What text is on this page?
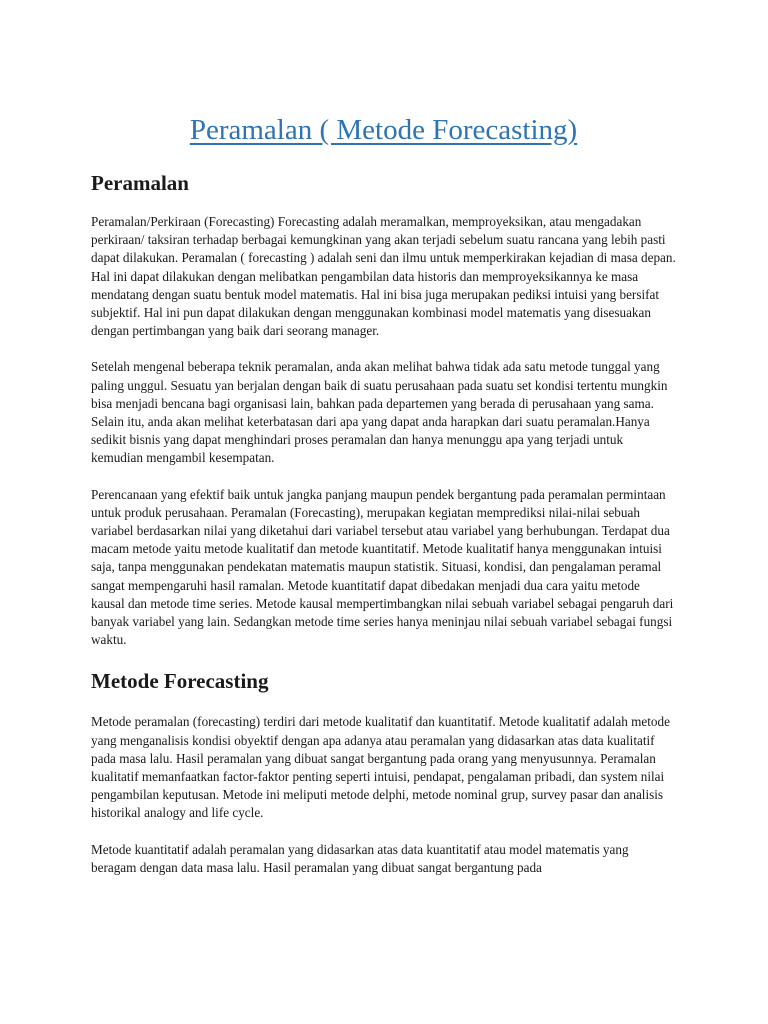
Peramalan ( Metode Forecasting)
Peramalan

Peramalan/Perkiraan (Forecasting) Forecasting adalah meramalkan, memproyeksikan, atau mengadakan perkiraan/ taksiran terhadap berbagai kemungkinan yang akan terjadi sebelum suatu rancana yang lebih pasti dapat dilakukan. Peramalan ( forecasting ) adalah seni dan ilmu untuk memperkirakan kejadian di masa depan. Hal ini dapat dilakukan dengan melibatkan pengambilan data historis dan memproyeksikannya ke masa mendatang dengan suatu bentuk model matematis. Hal ini bisa juga merupakan pediksi intuisi yang bersifat subjektif. Hal ini pun dapat dilakukan dengan menggunakan kombinasi model matematis yang disesuakan dengan pertimbangan yang baik dari seorang manager.

Setelah mengenal beberapa teknik peramalan, anda akan melihat bahwa tidak ada satu metode tunggal yang paling unggul. Sesuatu yan berjalan dengan baik di suatu perusahaan pada suatu set kondisi tertentu mungkin bisa menjadi bencana bagi organisasi lain, bahkan pada departemen yang berada di perusahaan yang sama. Selain itu, anda akan melihat keterbatasan dari apa yang dapat anda harapkan dari suatu peramalan.Hanya sedikit bisnis yang dapat menghindari proses peramalan dan hanya menunggu apa yang terjadi untuk kemudian mengambil kesempatan.

Perencanaan yang efektif baik untuk jangka panjang maupun pendek bergantung pada peramalan permintaan untuk produk perusahaan. Peramalan (Forecasting), merupakan kegiatan memprediksi nilai-nilai sebuah variabel berdasarkan nilai yang diketahui dari variabel tersebut atau variabel yang berhubungan. Terdapat dua macam metode yaitu metode kualitatif dan metode kuantitatif. Metode kualitatif hanya menggunakan intuisi saja, tanpa menggunakan pendekatan matematis maupun statistik. Situasi, kondisi, dan pengalaman peramal sangat mempengaruhi hasil ramalan. Metode kuantitatif dapat dibedakan menjadi dua cara yaitu metode kausal dan metode time series. Metode kausal mempertimbangkan nilai sebuah variabel sebagai pengaruh dari banyak variabel yang lain. Sedangkan metode time series hanya meninjau nilai sebuah variabel sebagai fungsi waktu.

Metode Forecasting

Metode peramalan (forecasting) terdiri dari metode kualitatif dan kuantitatif. Metode kualitatif adalah metode yang menganalisis kondisi obyektif dengan apa adanya atau peramalan yang didasarkan atas data kualitatif pada masa lalu. Hasil peramalan yang dibuat sangat bergantung pada orang yang menyusunnya. Peramalan kualitatif memanfaatkan factor-faktor penting seperti intuisi, pendapat, pengalaman pribadi, dan system nilai pengambilan keputusan. Metode ini meliputi metode delphi, metode nominal grup, survey pasar dan analisis historikal analogy and life cycle.

Metode kuantitatif adalah peramalan yang didasarkan atas data kuantitatif atau model matematis yang beragam dengan data masa lalu. Hasil peramalan yang dibuat sangat bergantung pada
